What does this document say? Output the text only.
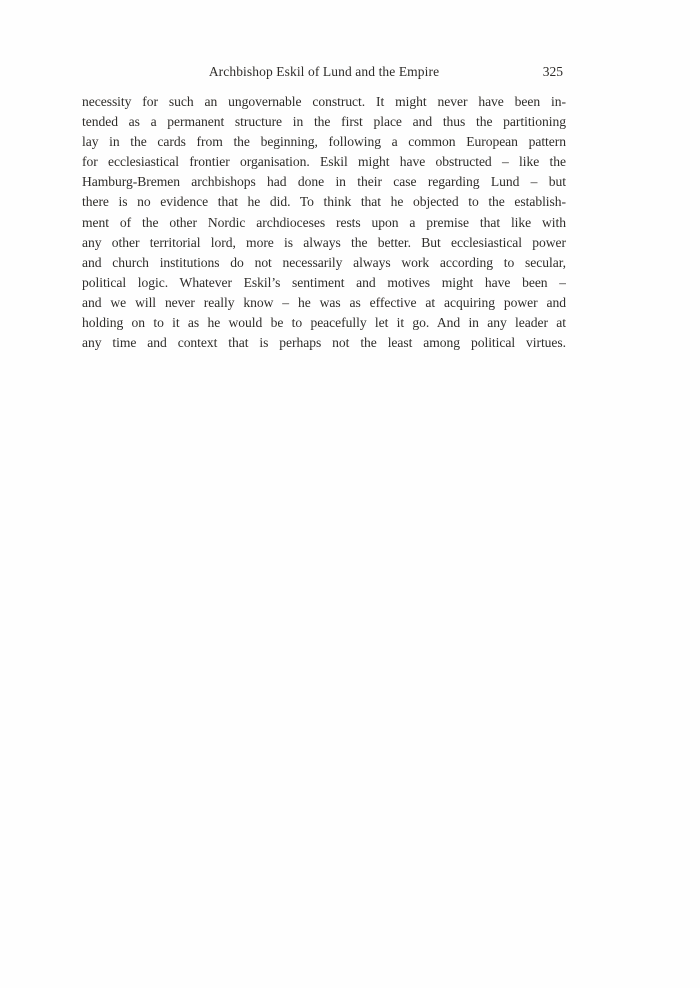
Archbishop Eskil of Lund and the Empire	325
necessity for such an ungovernable construct. It might never have been in-
tended as a permanent structure in the first place and thus the partitioning
lay in the cards from the beginning, following a common European pattern
for ecclesiastical frontier organisation. Eskil might have obstructed – like the
Hamburg-Bremen archbishops had done in their case regarding Lund – but
there is no evidence that he did. To think that he objected to the establish-
ment of the other Nordic archdioceses rests upon a premise that like with
any other territorial lord, more is always the better. But ecclesiastical power
and church institutions do not necessarily always work according to secular,
political logic. Whatever Eskil’s sentiment and motives might have been –
and we will never really know – he was as effective at acquiring power and
holding on to it as he would be to peacefully let it go. And in any leader at
any time and context that is perhaps not the least among political virtues.
